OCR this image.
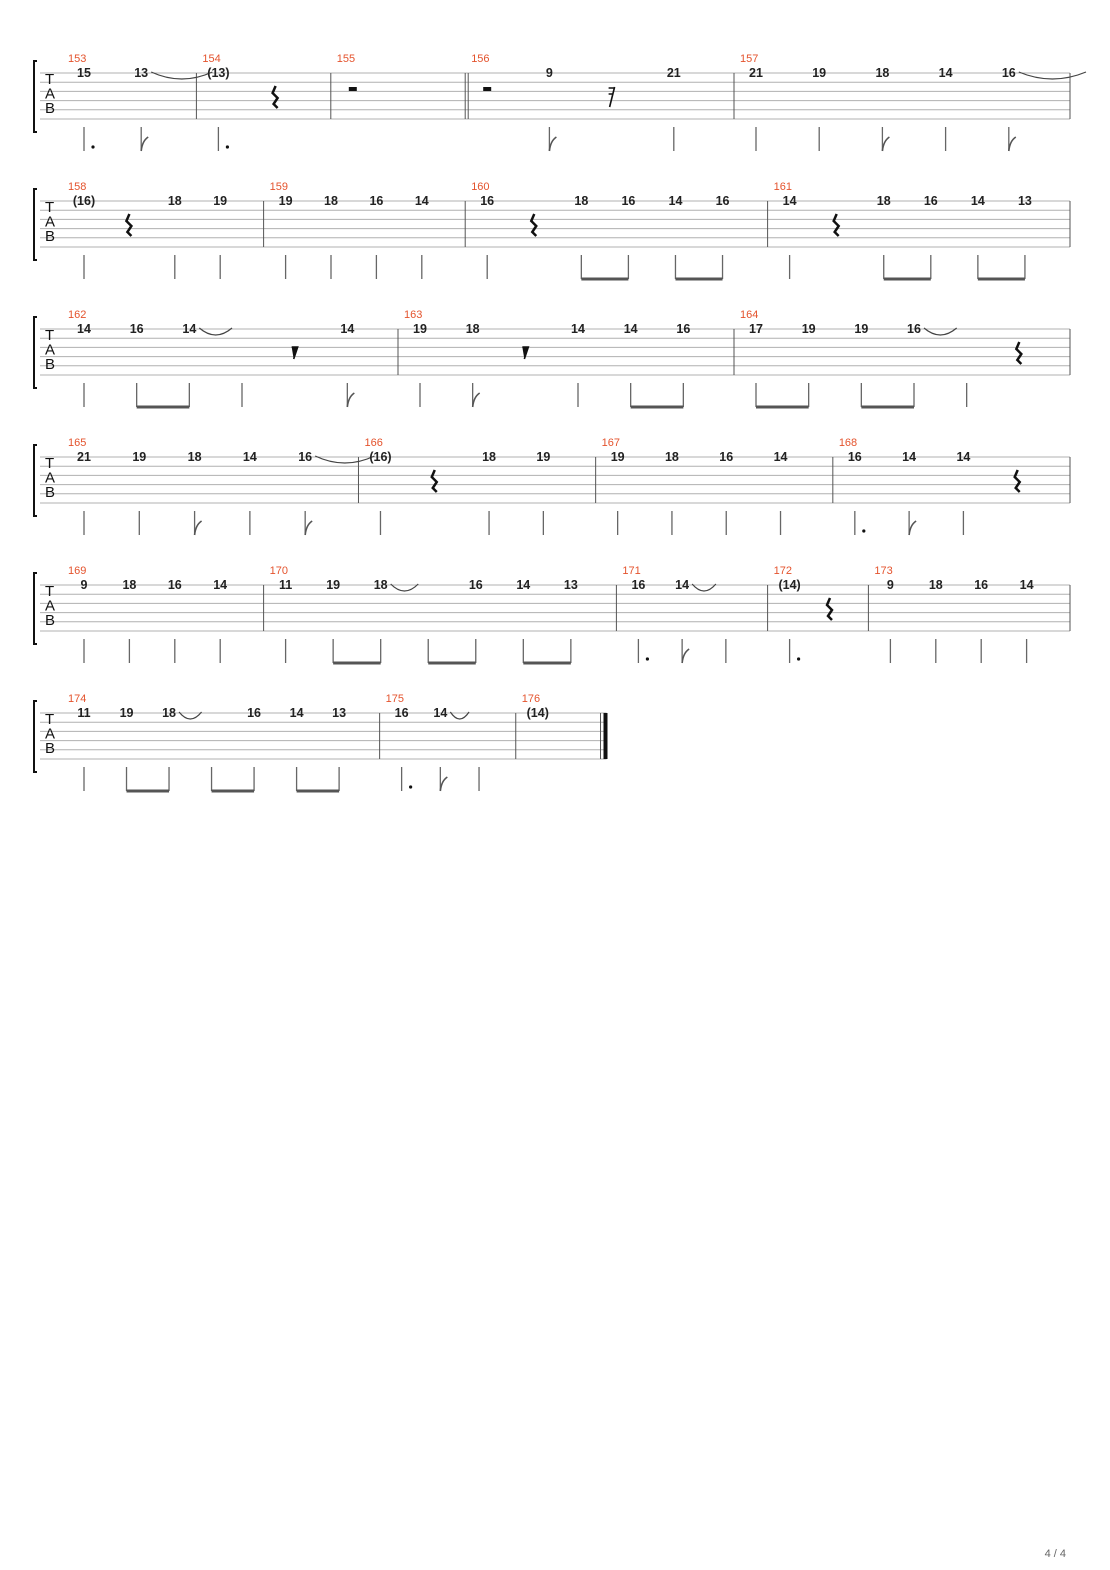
T
A
B
153
15	13
154
(13)
155	156
9	21
157
21	19	18	14	16
T
A
B
158
(16)	18	19
159
19	18	16	14
160
16	18	16	14	16
161
14	18	16	14	13
T
A
B
162
14	16	14	14
163
19	18	14	14	16
164
17	19	19	16
T
A
B
165
21	19	18	14	16
166
(16)	18	19
167
19	18	16	14
168
16	14	14
T
A
B
169
9	18	16	14
170
11	19	18	16	14	13
171
16 14
172
(14)
173
9	18	16	14
T
A
B
174
11 19 18	16 14 13
175
16 14
176
(14)
4 / 4
